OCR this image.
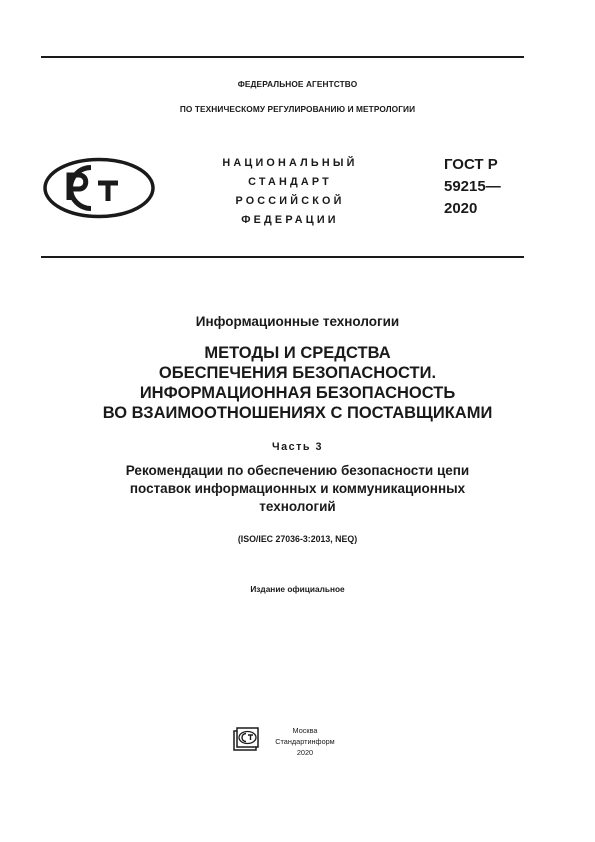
ФЕДЕРАЛЬНОЕ АГЕНТСТВО
ПО ТЕХНИЧЕСКОМУ РЕГУЛИРОВАНИЮ И МЕТРОЛОГИИ
НАЦИОНАЛЬНЫЙ
СТАНДАРТ
РОССИЙСКОЙ
ФЕДЕРАЦИИ
ГОСТ Р
59215—
2020
Информационные технологии
МЕТОДЫ И СРЕДСТВА
ОБЕСПЕЧЕНИЯ БЕЗОПАСНОСТИ.
ИНФОРМАЦИОННАЯ БЕЗОПАСНОСТЬ
ВО ВЗАИМООТНОШЕНИЯХ С ПОСТАВЩИКАМИ
Часть 3
Рекомендации по обеспечению безопасности цепи
поставок информационных и коммуникационных
технологий
(ISO/IEC 27036-3:2013, NEQ)
Издание официальное
Москва
Стандартинформ
2020
